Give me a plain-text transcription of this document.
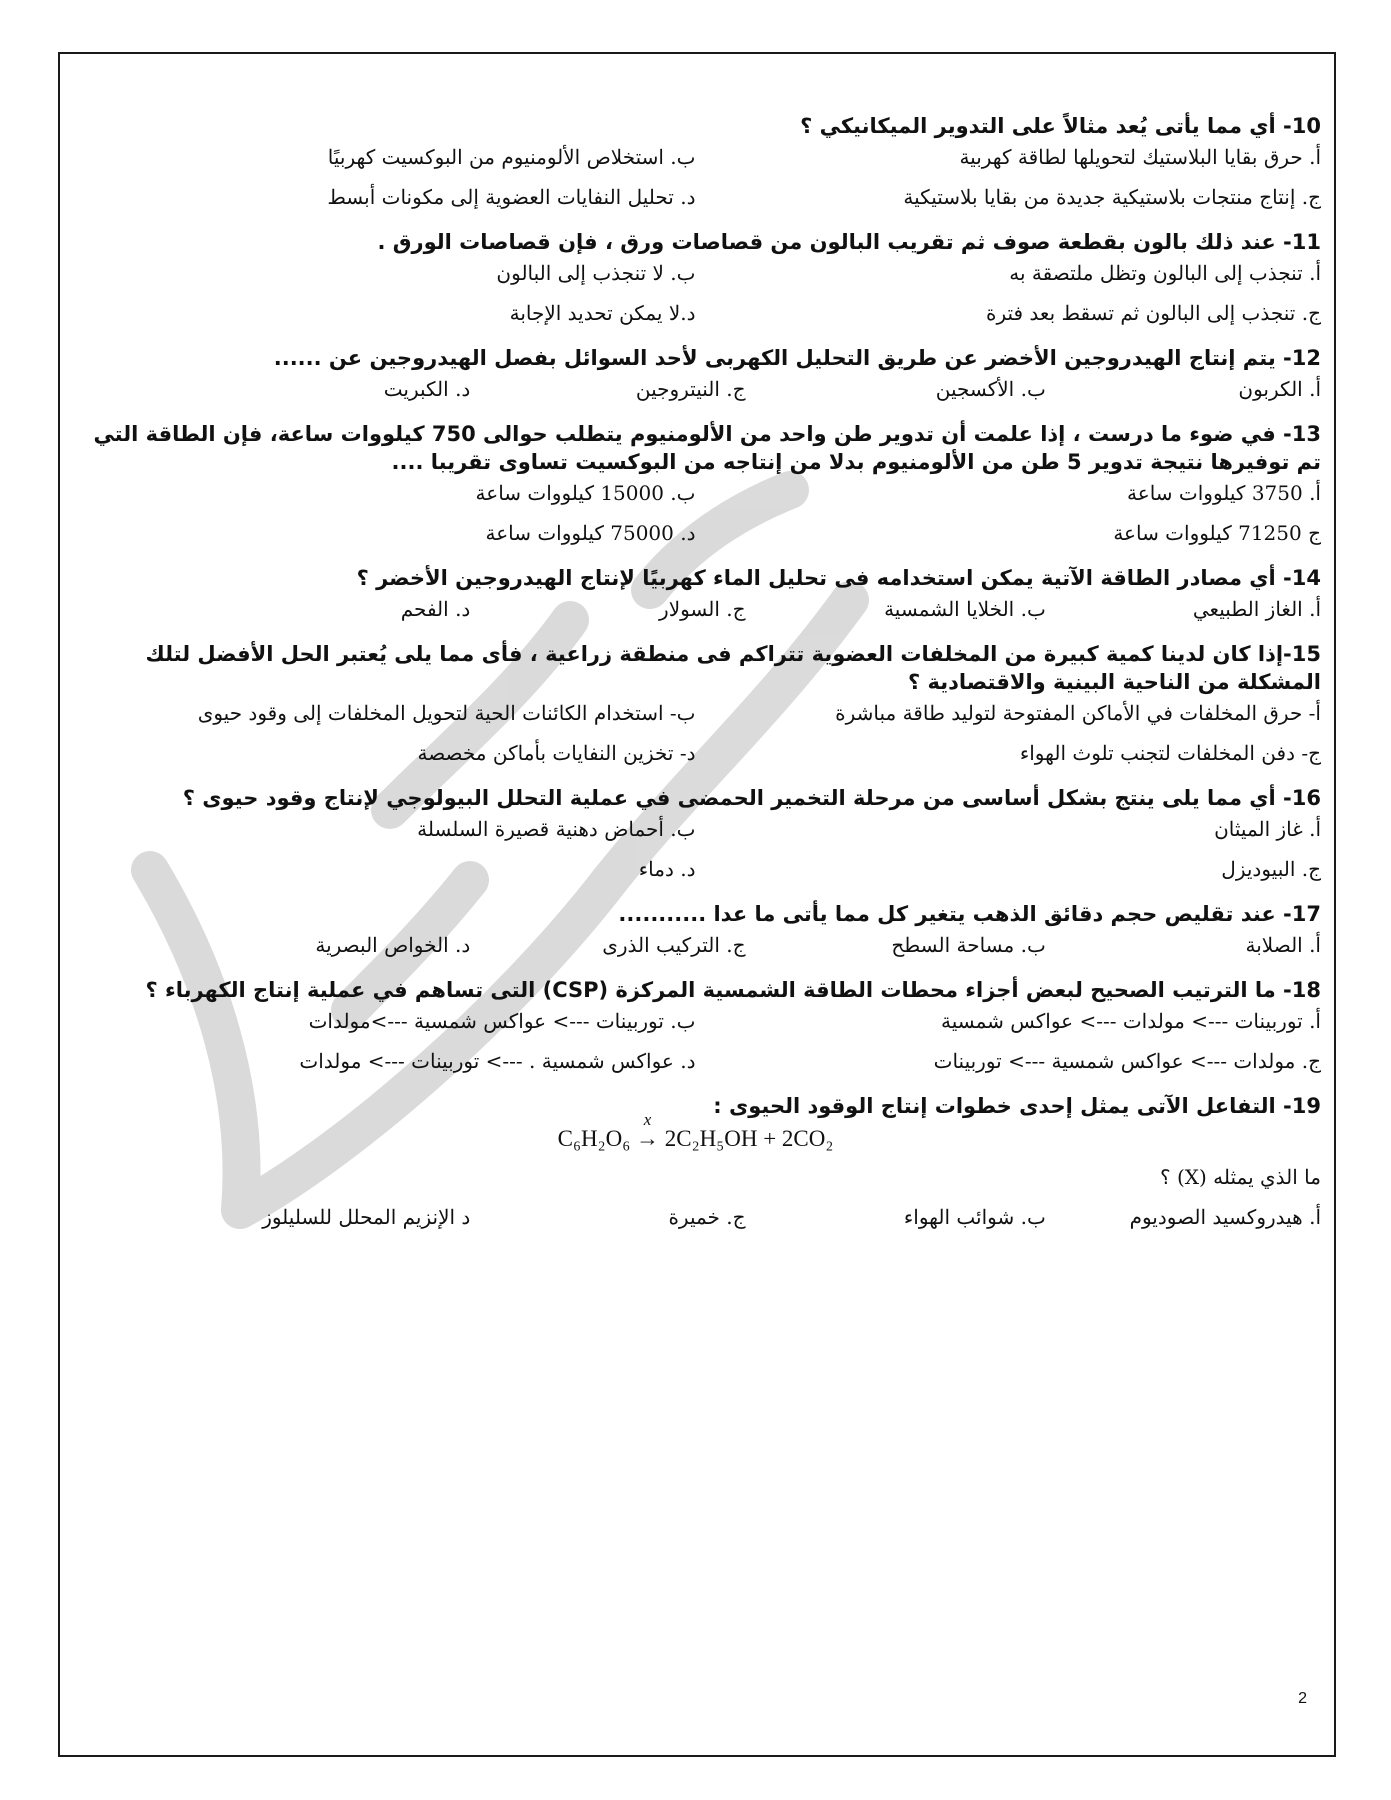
10- أي مما يأتى يُعد مثالاً على التدوير الميكانيكي ؟
أ. حرق بقايا البلاستيك لتحويلها لطاقة كهربية
ب. استخلاص الألومنيوم من البوكسيت كهربيًا
ج. إنتاج منتجات بلاستيكية جديدة من بقايا بلاستيكية
د. تحليل النفايات العضوية إلى مكونات أبسط
11- عند ذلك بالون بقطعة صوف ثم تقريب البالون من قصاصات ورق ، فإن قصاصات الورق .
أ. تنجذب إلى البالون وتظل ملتصقة به
ب. لا تنجذب إلى البالون
ج. تنجذب إلى البالون ثم تسقط بعد فترة
د.لا يمكن تحديد الإجابة
12- يتم إنتاج الهيدروجين الأخضر عن طريق التحليل الكهربى لأحد السوائل بفصل الهيدروجين عن ......
أ. الكربون
ب. الأكسجين
ج. النيتروجين
د. الكبريت
13- في ضوء ما درست ، إذا علمت أن تدوير طن واحد من الألومنيوم يتطلب حوالى 750 كيلووات ساعة، فإن الطاقة التي تم توفيرها نتيجة تدوير 5 طن من الألومنيوم بدلا من إنتاجه من البوكسيت تساوى تقريبا ....
أ. 3750 كيلووات ساعة
ب. 15000 كيلووات ساعة
ج 71250 كيلووات ساعة
د. 75000 كيلووات ساعة
14- أي مصادر الطاقة الآتية يمكن استخدامه فى تحليل الماء كهربيًا لإنتاج الهيدروجين الأخضر ؟
أ. الغاز الطبيعي
ب. الخلايا الشمسية
ج. السولار
د. الفحم
15-إذا كان لدينا كمية كبيرة من المخلفات العضوية تتراكم فى منطقة زراعية ، فأى مما يلى يُعتبر الحل الأفضل لتلك المشكلة من الناحية البينية والاقتصادية ؟
أ- حرق المخلفات في الأماكن المفتوحة لتوليد طاقة مباشرة
ب- استخدام الكائنات الحية لتحويل المخلفات إلى وقود حيوى
ج- دفن المخلفات لتجنب تلوث الهواء
د- تخزين النفايات بأماكن مخصصة
16- أي مما يلى ينتج بشكل أساسى من مرحلة التخمير الحمضى في عملية التحلل البيولوجي لإنتاج وقود حيوى ؟
أ. غاز الميثان
ب. أحماض دهنية قصيرة السلسلة
ج. البيوديزل
د. دماء
17- عند تقليص حجم دقائق الذهب يتغير كل مما يأتى ما عدا ...........
أ. الصلابة
ب. مساحة السطح
ج. التركيب الذرى
د. الخواص البصرية
18- ما الترتيب الصحيح لبعض أجزاء محطات الطاقة الشمسية المركزة (CSP) التى تساهم في عملية إنتاج الكهرباء ؟
أ. توربينات ---> مولدات ---> عواكس شمسية
ب. توربينات ---> عواكس شمسية --->مولدات
ج. مولدات ---> عواكس شمسية ---> توربينات
د. عواكس شمسية . ---> توربينات ---> مولدات
19- التفاعل الآتى يمثل إحدى خطوات إنتاج الوقود الحيوى :
C₆H₂O₆
x
→ 2C₂H₅OH + 2CO₂
ما الذي يمثله (X) ؟
أ. هيدروكسيد الصوديوم
ب. شوائب الهواء
ج. خميرة
د الإنزيم المحلل للسليلوز
2
